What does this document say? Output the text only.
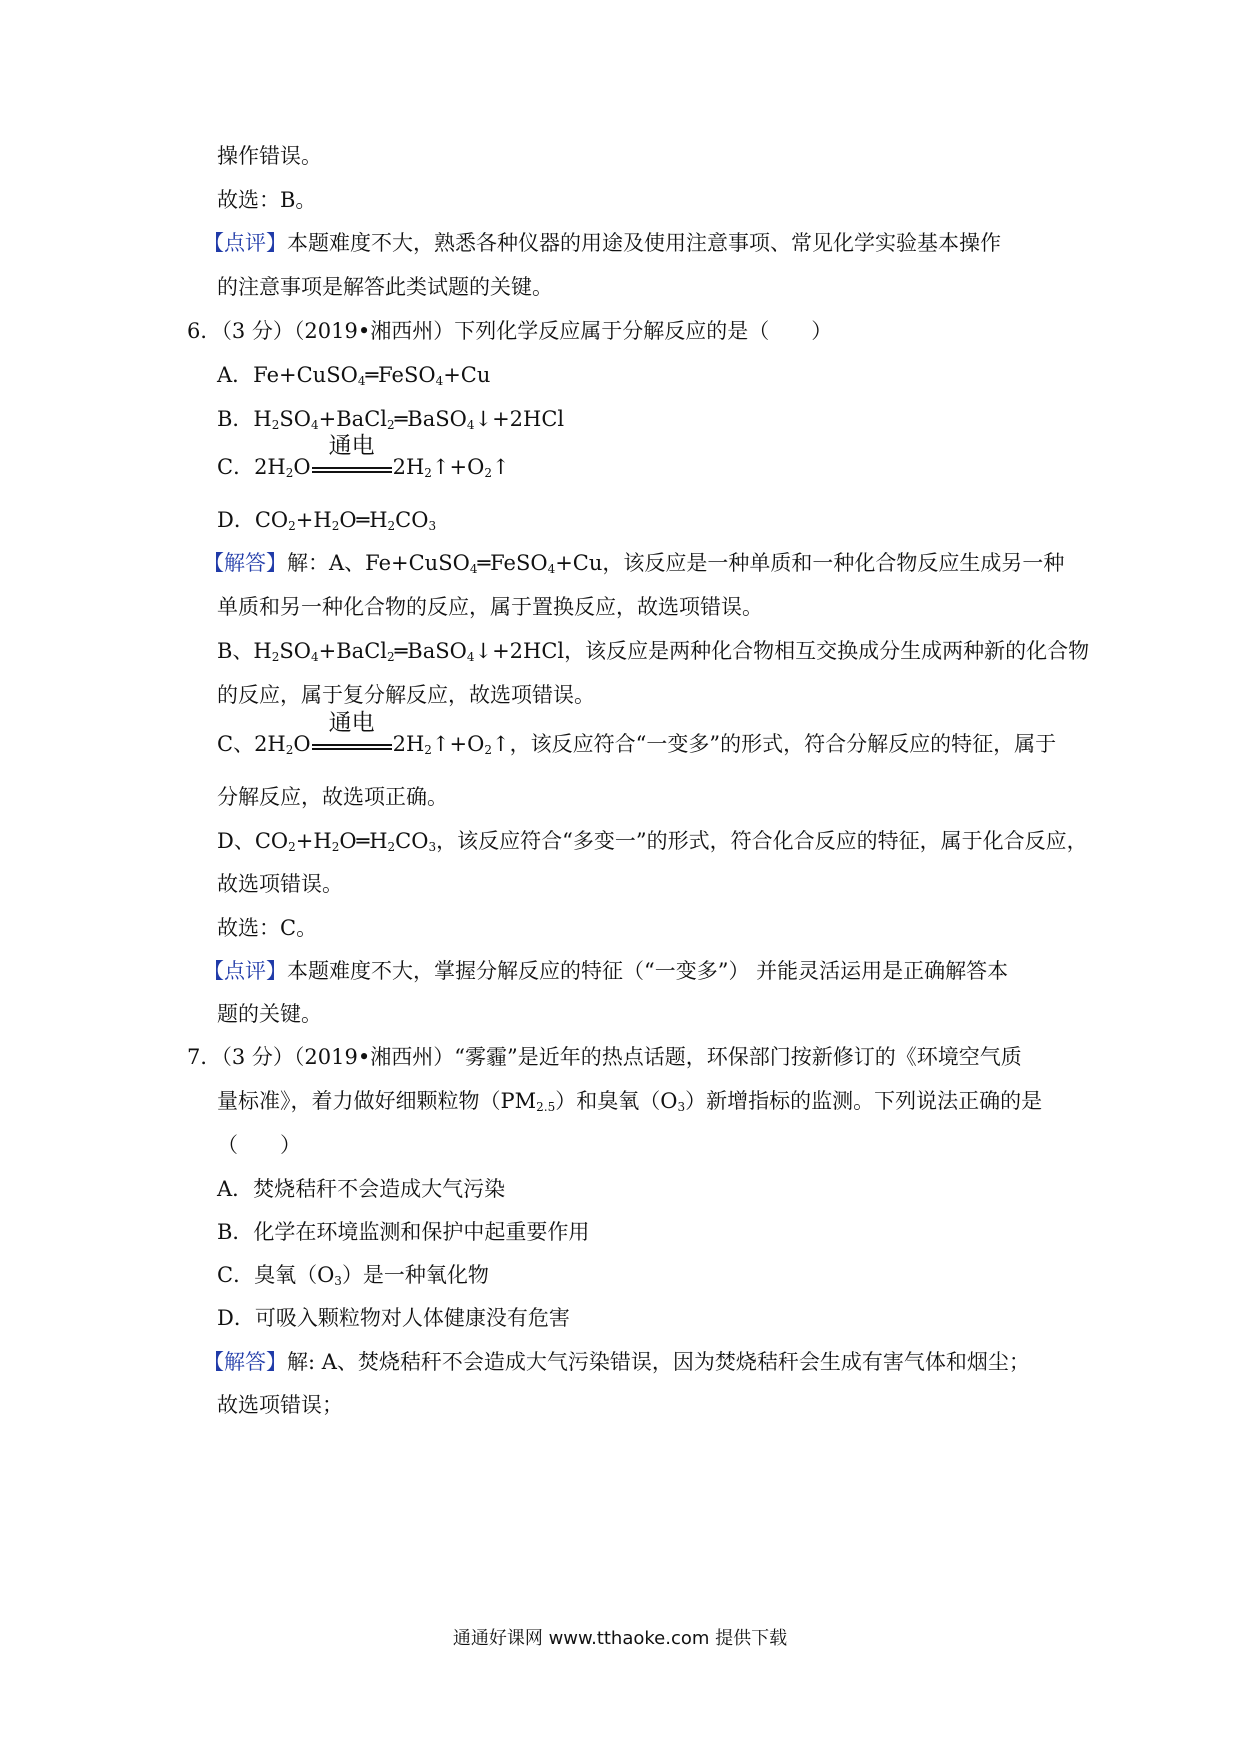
操作错误。
故选：B。
【点评】本题难度不大，熟悉各种仪器的用途及使用注意事项、常见化学实验基本操作
的注意事项是解答此类试题的关键。
6．（3 分）（2019•湘西州）下列化学反应属于分解反应的是（　　）
A．Fe+CuSO$_4$═FeSO$_4$+Cu
B．$H_2SO_4+BaCl_2═BaSO_4↓+2HCl$
C．$2H_2O$
通电
$2H_2↑+O_2↑$
D．$CO_2+H_2O═H_2CO_3$
【解答】解：A、Fe+CuSO$_4$═FeSO$_4$+Cu，该反应是一种单质和一种化合物反应生成另一种
单质和另一种化合物的反应，属于置换反应，故选项错误。
B、$H_2SO_4+BaCl_2═BaSO_4↓+2HCl$，该反应是两种化合物相互交换成分生成两种新的化合物
的反应，属于复分解反应，故选项错误。
C、$2H_2O$
通电
$2H_2↑+O_2↑$，该反应符合“一变多”的形式，符合分解反应的特征，属于
分解反应，故选项正确。
D、$CO_2+H_2O═H_2CO_3$，该反应符合“多变一”的形式，符合化合反应的特征，属于化合反应，
故选项错误。
故选：C。
【点评】本题难度不大，掌握分解反应的特征（“一变多”） 并能灵活运用是正确解答本
题的关键。
7．（3 分）（2019•湘西州）“雾霾”是近年的热点话题，环保部门按新修订的《环境空气质
量标准》，着力做好细颗粒物$(PM_{2.5})$和臭氧$(O_3)$新增指标的监测。下列说法正确的是
（　　）
A．焚烧秸秆不会造成大气污染
B．化学在环境监测和保护中起重要作用
C．臭氧$(O_3)$是一种氧化物
D．可吸入颗粒物对人体健康没有危害
【解答】解: A、焚烧秸秆不会造成大气污染错误，因为焚烧秸秆会生成有害气体和烟尘；
故选项错误；
通通好课网 www.tthaoke.com 提供下载
